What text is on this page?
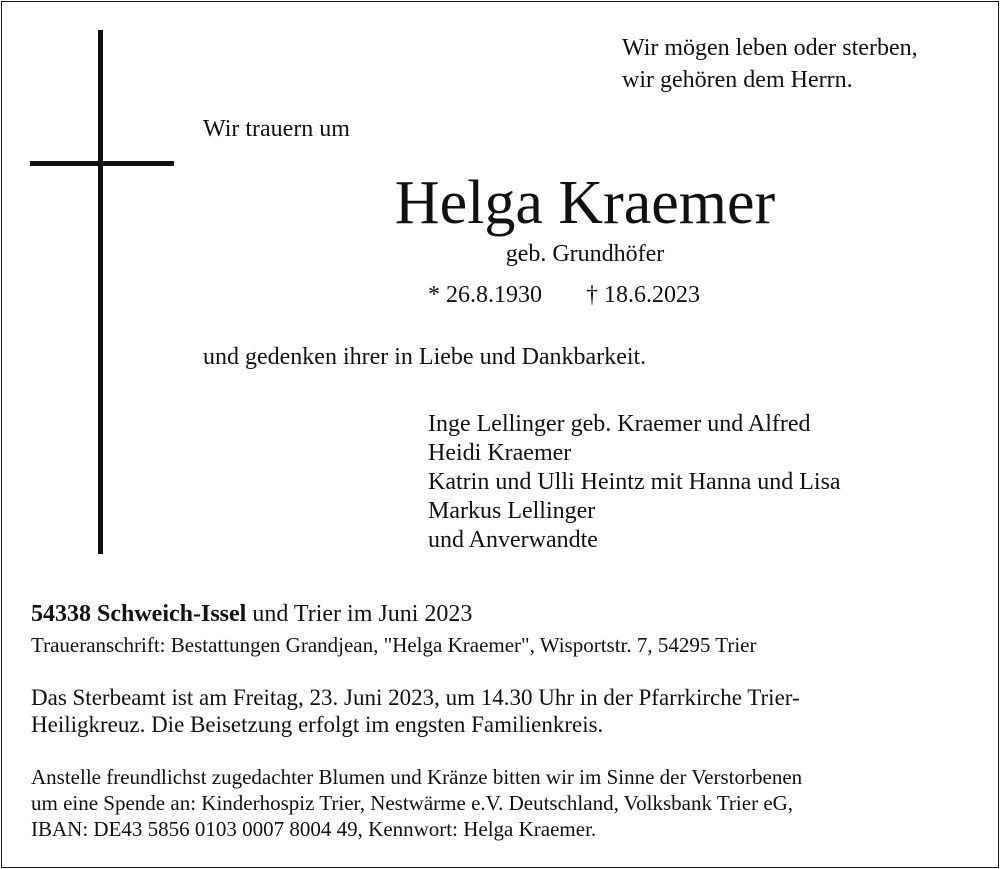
Wir mögen leben oder sterben,
wir gehören dem Herrn.
Wir trauern um
Helga Kraemer
geb. Grundhöfer
* 26.8.1930 † 18.6.2023
und gedenken ihrer in Liebe und Dankbarkeit.
Inge Lellinger geb. Kraemer und Alfred
Heidi Kraemer
Katrin und Ulli Heintz mit Hanna und Lisa
Markus Lellinger
und Anverwandte
54338 Schweich-Issel und Trier im Juni 2023
Traueranschrift: Bestattungen Grandjean, "Helga Kraemer", Wisportstr. 7, 54295 Trier
Das Sterbeamt ist am Freitag, 23. Juni 2023, um 14.30 Uhr in der Pfarrkirche Trier-
Heiligkreuz. Die Beisetzung erfolgt im engsten Familienkreis.
Anstelle freundlichst zugedachter Blumen und Kränze bitten wir im Sinne der Verstorbenen
um eine Spende an: Kinderhospiz Trier, Nestwärme e.V. Deutschland, Volksbank Trier eG,
IBAN: DE43 5856 0103 0007 8004 49, Kennwort: Helga Kraemer.
